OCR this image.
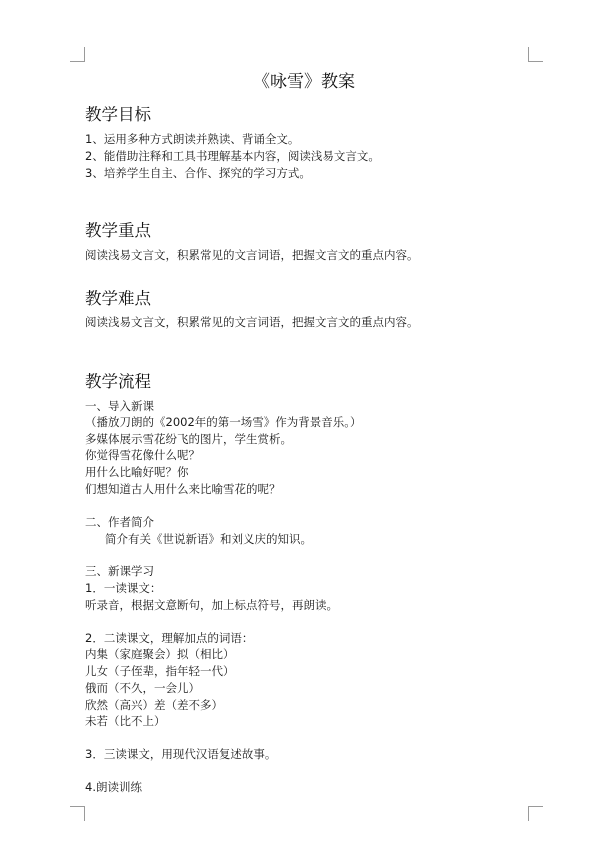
《咏雪》教案
教学目标
1、运用多种方式朗读并熟读、背诵全文。
2、能借助注释和工具书理解基本内容，阅读浅易文言文。
3、培养学生自主、合作、探究的学习方式。
教学重点
阅读浅易文言文，积累常见的文言词语，把握文言文的重点内容。
教学难点
阅读浅易文言文，积累常见的文言词语，把握文言文的重点内容。
教学流程
一、导入新课
（播放刀朗的《2002年的第一场雪》作为背景音乐。）
多媒体展示雪花纷飞的图片，学生赏析。
你觉得雪花像什么呢？
用什么比喻好呢？你
们想知道古人用什么来比喻雪花的呢？
二、作者简介
简介有关《世说新语》和刘义庆的知识。
三、新课学习
1．一读课文：
听录音，根据文意断句，加上标点符号，再朗读。
2．二读课文，理解加点的词语：
内集（家庭聚会）拟（相比）
儿女（子侄辈，指年轻一代）
俄而（不久，一会儿）
欣然（高兴）差（差不多）
未若（比不上）
3．三读课文，用现代汉语复述故事。
4.朗读训练
